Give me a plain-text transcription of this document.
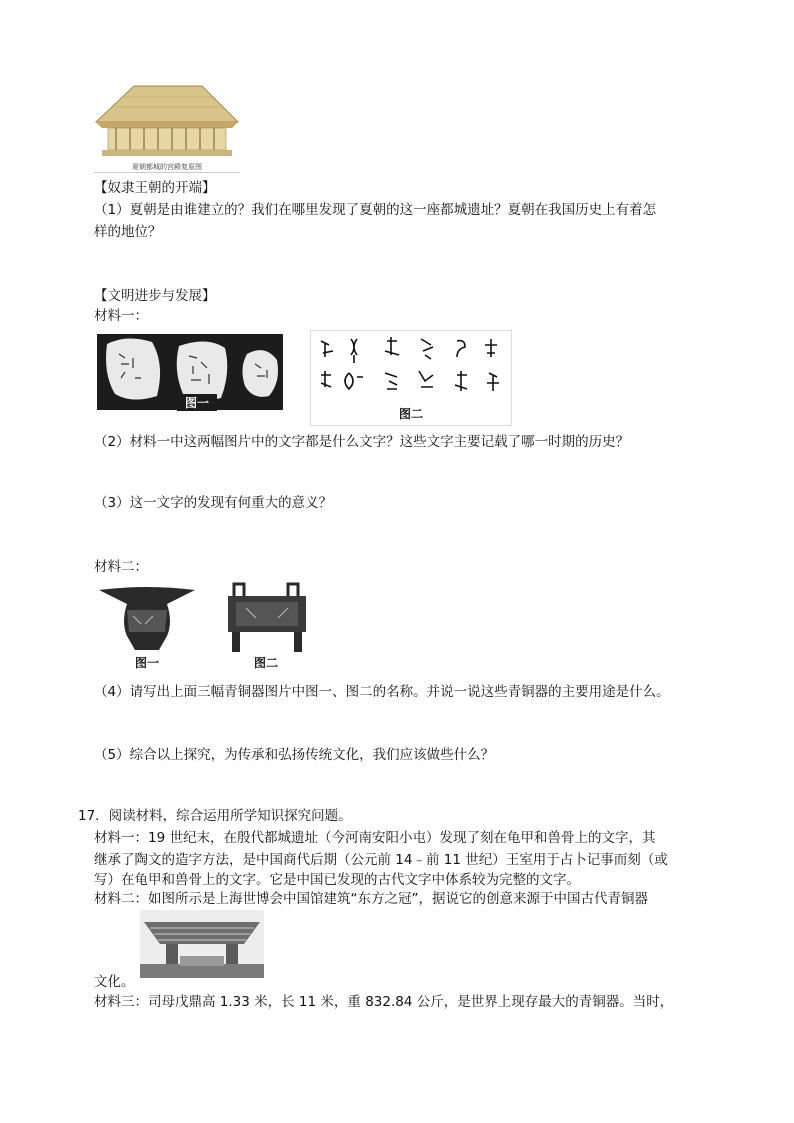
夏朝都城的宫殿复原图
【奴隶王朝的开端】
（1）夏朝是由谁建立的？我们在哪里发现了夏朝的这一座都城遗址？夏朝在我国历史上有着怎
样的地位？
【文明进步与发展】
材料一：
图一
图二
（2）材料一中这两幅图片中的文字都是什么文字？这些文字主要记载了哪一时期的历史？
（3）这一文字的发现有何重大的意义？
材料二：
图一	图二
（4）请写出上面三幅青铜器图片中图一、图二的名称。并说一说这些青铜器的主要用途是什么。
（5）综合以上探究，为传承和弘扬传统文化，我们应该做些什么？
17．阅读材料，综合运用所学知识探究问题。
材料一：19 世纪末，在殷代都城遗址（今河南安阳小屯）发现了刻在龟甲和兽骨上的文字，其
继承了陶文的造字方法，是中国商代后期（公元前 14﹣前 11 世纪）王室用于占卜记事而刻（或
写）在龟甲和兽骨上的文字。它是中国已发现的古代文字中体系较为完整的文字。
材料二：如图所示是上海世博会中国馆建筑“东方之冠”，据说它的创意来源于中国古代青铜器
文化。
材料三：司母戊鼎高 1.33 米，长 11 米，重 832.84 公斤，是世界上现存最大的青铜器。当时，
